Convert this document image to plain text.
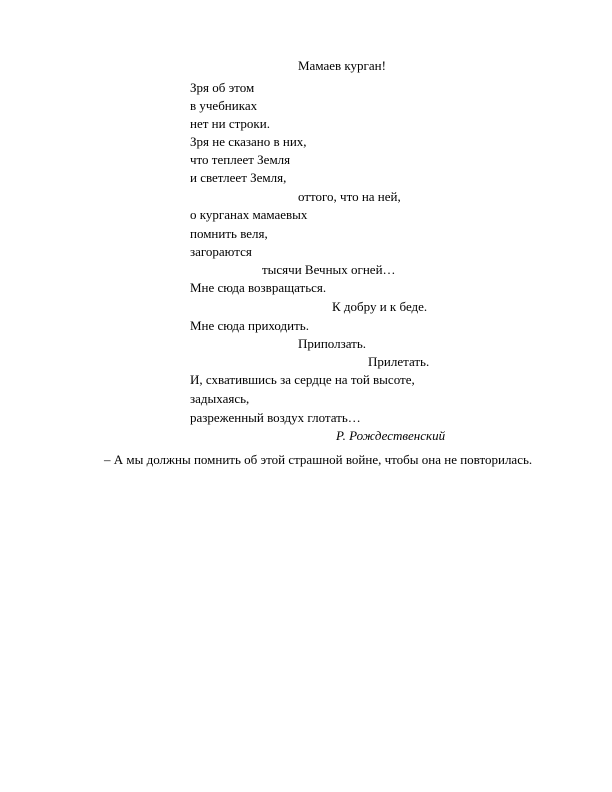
Мамаев курган!

Зря об этом

в учебниках

нет ни строки.

Зря не сказано в них,

что теплеет Земля

и светлеет Земля,

оттого, что на ней,

о курганах мамаевых

помнить веля,

загораются

тысячи Вечных огней…

Мне сюда возвращаться.

К добру и к беде.

Мне сюда приходить.

Приползать.

Прилетать.

И, схватившись за сердце на той высоте,

задыхаясь,

разреженный воздух глотать…

Р. Рождественский

– А мы должны помнить об этой страшной войне, чтобы она не повторилась.
